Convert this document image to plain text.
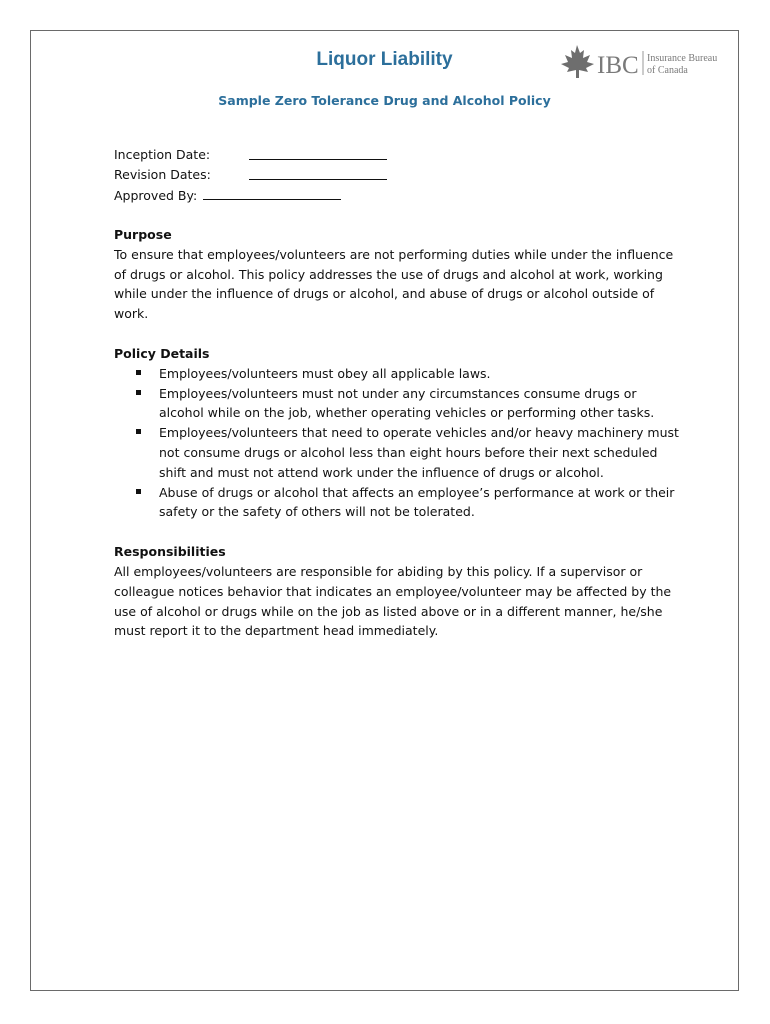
Liquor Liability	IBC Insurance Bureau
of Canada
Sample Zero Tolerance Drug and Alcohol Policy
Inception Date:
Revision Dates:
Approved By:
Purpose

To ensure that employees/volunteers are not performing duties while under the influence of drugs or alcohol. This policy addresses the use of drugs and alcohol at work, working while under the influence of drugs or alcohol, and abuse of drugs or alcohol outside of work.

Policy Details
Employees/volunteers must obey all applicable laws.
Employees/volunteers must not under any circumstances consume drugs or alcohol while on the job, whether operating vehicles or performing other tasks.
Employees/volunteers that need to operate vehicles and/or heavy machinery must not consume drugs or alcohol less than eight hours before their next scheduled shift and must not attend work under the influence of drugs or alcohol.
Abuse of drugs or alcohol that affects an employee’s performance at work or their safety or the safety of others will not be tolerated.
Responsibilities

All employees/volunteers are responsible for abiding by this policy. If a supervisor or colleague notices behavior that indicates an employee/volunteer may be affected by the use of alcohol or drugs while on the job as listed above or in a different manner, he/she must report it to the department head immediately.
